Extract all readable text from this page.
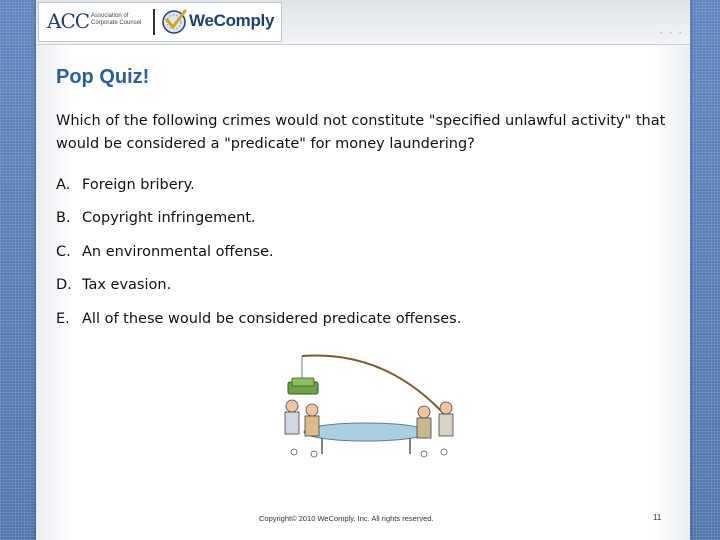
ACC Association of Corporate Counsel	WeComply
• • •
Pop Quiz!
Which of the following crimes would not constitute "specified unlawful activity" that would be considered a "predicate" for money laundering?
A. Foreign bribery.
B. Copyright infringement.
C. An environmental offense.
D. Tax evasion.
E. All of these would be considered predicate offenses.
Copyright© 2010 WeComply, Inc. All rights reserved.	11
